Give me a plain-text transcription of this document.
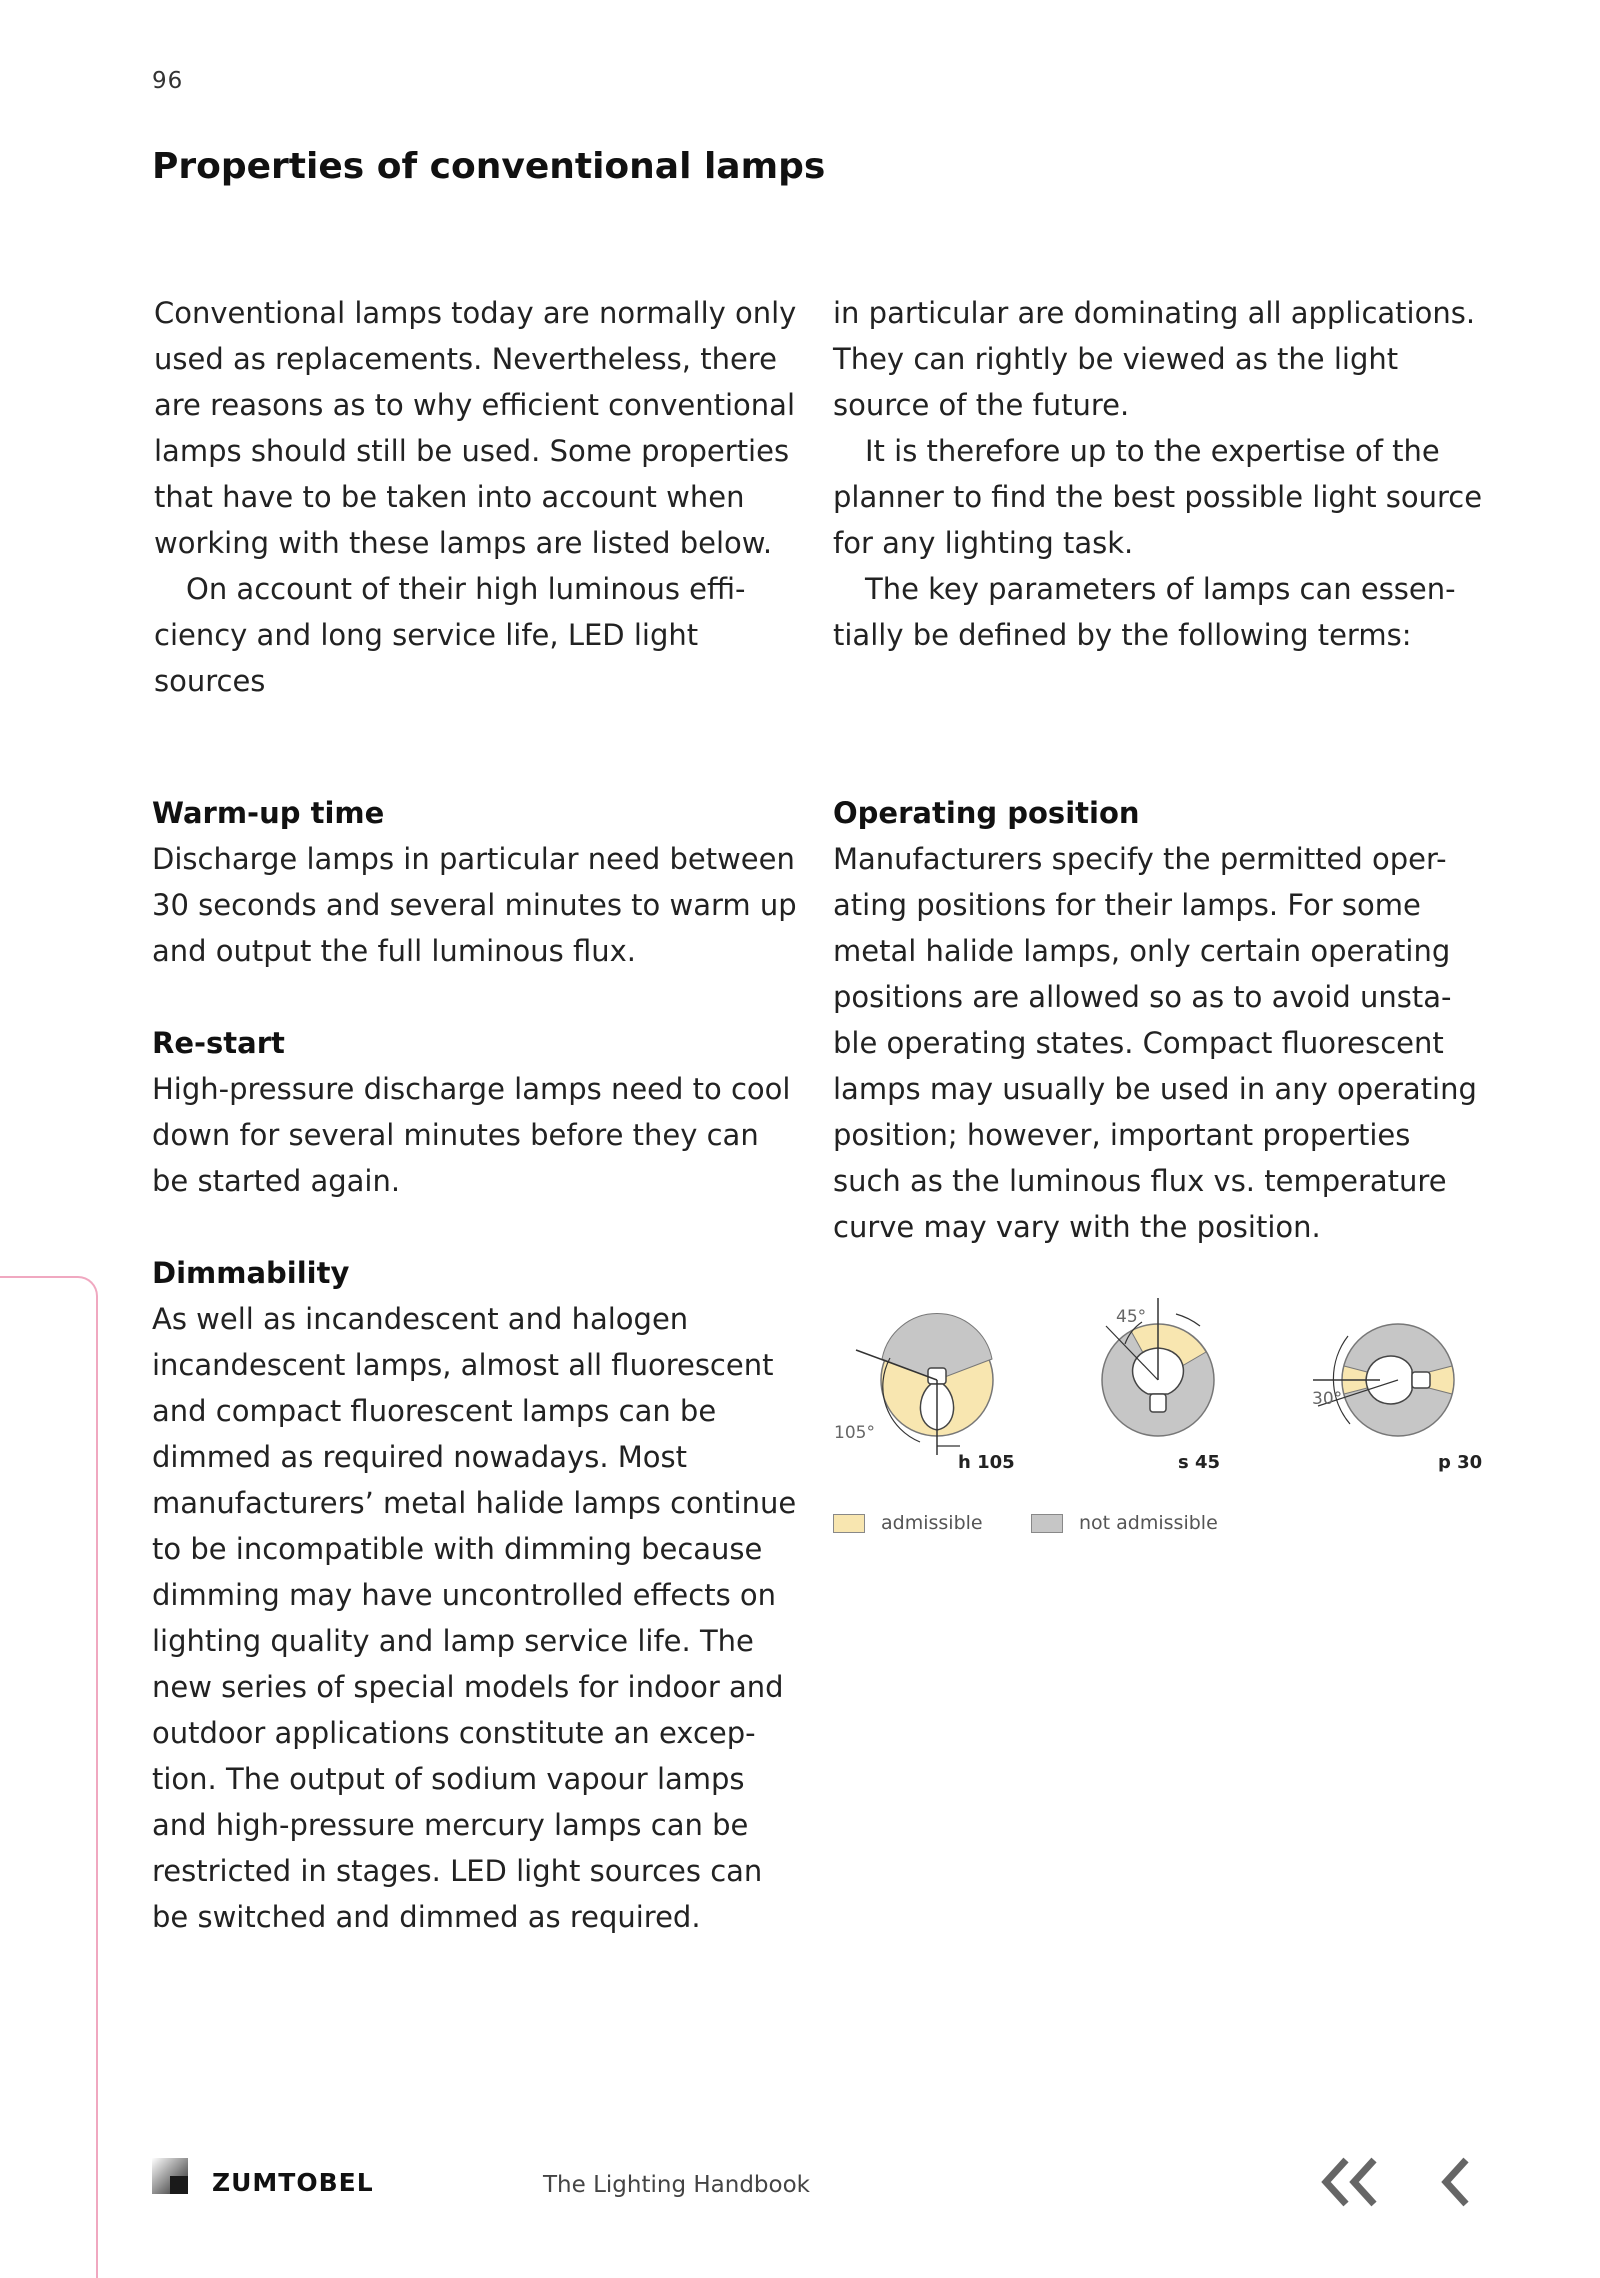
96
Properties of conventional lamps

Conventional lamps today are normally only used as replacements. Nevertheless, there are reasons as to why efficient conventional lamps should still be used. Some properties that have to be taken into account when working with these lamps are listed below.

On account of their high luminous effi- ciency and long service life, LED light sources

in particular are dominating all applications. They can rightly be viewed as the light source of the future.

It is therefore up to the expertise of the planner to find the best possible light source for any lighting task.

The key parameters of lamps can essen- tially be defined by the following terms:

Warm-up time

Discharge lamps in particular need between 30 seconds and several minutes to warm up and output the full luminous flux.

Re-start

High-pressure discharge lamps need to cool down for several minutes before they can be started again.

Dimmability

As well as incandescent and halogen incandescent lamps, almost all fluorescent and compact fluorescent lamps can be dimmed as required nowadays. Most manufacturers’ metal halide lamps continue to be incompatible with dimming because dimming may have uncontrolled effects on lighting quality and lamp service life. The new series of special models for indoor and outdoor applications constitute an excep- tion. The output of sodium vapour lamps and high-pressure mercury lamps can be restricted in stages. LED light sources can be switched and dimmed as required.

Operating position

Manufacturers specify the permitted oper- ating positions for their lamps. For some metal halide lamps, only certain operating positions are allowed so as to avoid unsta- ble operating states. Compact fluorescent lamps may usually be used in any operating position; however, important properties such as the luminous flux vs. temperature curve may vary with the position.

105°
h 105
45°
s 45
30°
p 30
admissible	not admissible
ZUMTOBEL	The Lighting Handbook
